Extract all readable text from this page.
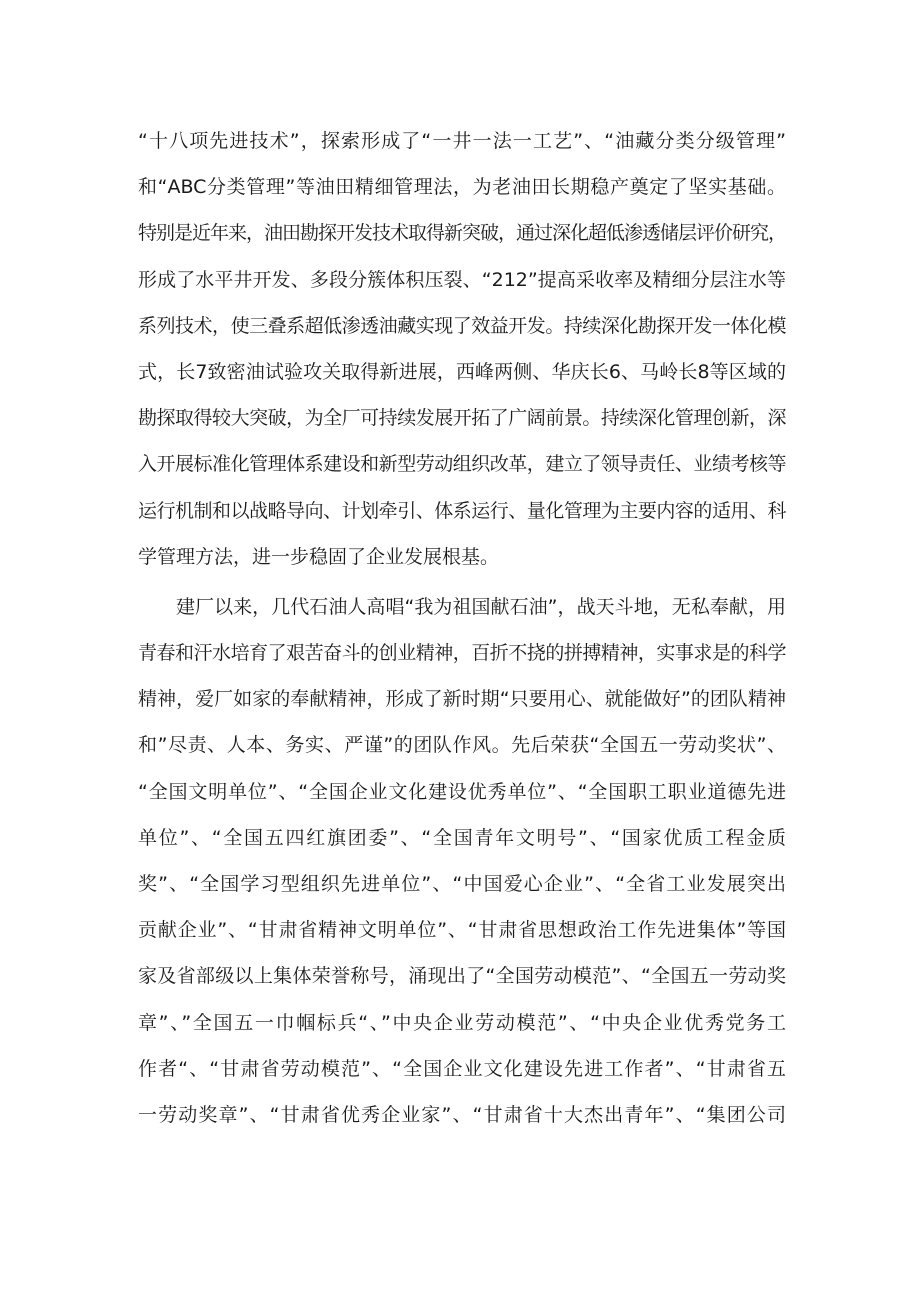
“十八项先进技术”，探索形成了“一井一法一工艺”、“油藏分类分级管理”
和“ABC分类管理”等油田精细管理法，为老油田长期稳产奠定了坚实基础。
特别是近年来，油田勘探开发技术取得新突破，通过深化超低渗透储层评价研究，
形成了水平井开发、多段分簇体积压裂、“212”提高采收率及精细分层注水等
系列技术，使三叠系超低渗透油藏实现了效益开发。持续深化勘探开发一体化模
式，长7致密油试验攻关取得新进展，西峰两侧、华庆长6、马岭长8等区域的
勘探取得较大突破，为全厂可持续发展开拓了广阔前景。持续深化管理创新，深
入开展标准化管理体系建设和新型劳动组织改革，建立了领导责任、业绩考核等
运行机制和以战略导向、计划牵引、体系运行、量化管理为主要内容的适用、科
学管理方法，进一步稳固了企业发展根基。
建厂以来，几代石油人高唱“我为祖国献石油”，战天斗地，无私奉献，用
青春和汗水培育了艰苦奋斗的创业精神，百折不挠的拼搏精神，实事求是的科学
精神，爱厂如家的奉献精神，形成了新时期“只要用心、就能做好”的团队精神
和”尽责、人本、务实、严谨”的团队作风。先后荣获“全国五一劳动奖状”、
“全国文明单位”、“全国企业文化建设优秀单位”、“全国职工职业道德先进
单位”、“全国五四红旗团委”、“全国青年文明号”、“国家优质工程金质
奖”、“全国学习型组织先进单位”、“中国爱心企业”、“全省工业发展突出
贡献企业”、“甘肃省精神文明单位”、“甘肃省思想政治工作先进集体”等国
家及省部级以上集体荣誉称号，涌现出了“全国劳动模范”、“全国五一劳动奖
章”、”全国五一巾帼标兵“、”中央企业劳动模范”、“中央企业优秀党务工
作者“、“甘肃省劳动模范”、“全国企业文化建设先进工作者”、“甘肃省五
一劳动奖章”、“甘肃省优秀企业家”、“甘肃省十大杰出青年”、“集团公司
